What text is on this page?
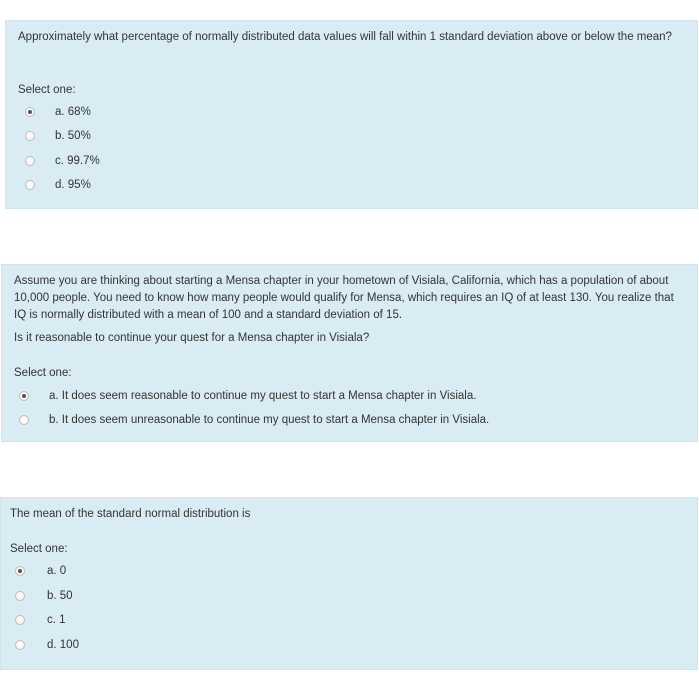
Approximately what percentage of normally distributed data values will fall within 1 standard deviation above or below the mean?
Select one:
a. 68%
b. 50%
c. 99.7%
d. 95%
Assume you are thinking about starting a Mensa chapter in your hometown of Visiala, California, which has a population of about 10,000 people. You need to know how many people would qualify for Mensa, which requires an IQ of at least 130. You realize that IQ is normally distributed with a mean of 100 and a standard deviation of 15.
Is it reasonable to continue your quest for a Mensa chapter in Visiala?
Select one:
a. It does seem reasonable to continue my quest to start a Mensa chapter in Visiala.
b. It does seem unreasonable to continue my quest to start a Mensa chapter in Visiala.
The mean of the standard normal distribution is
Select one:
a. 0
b. 50
c. 1
d. 100
